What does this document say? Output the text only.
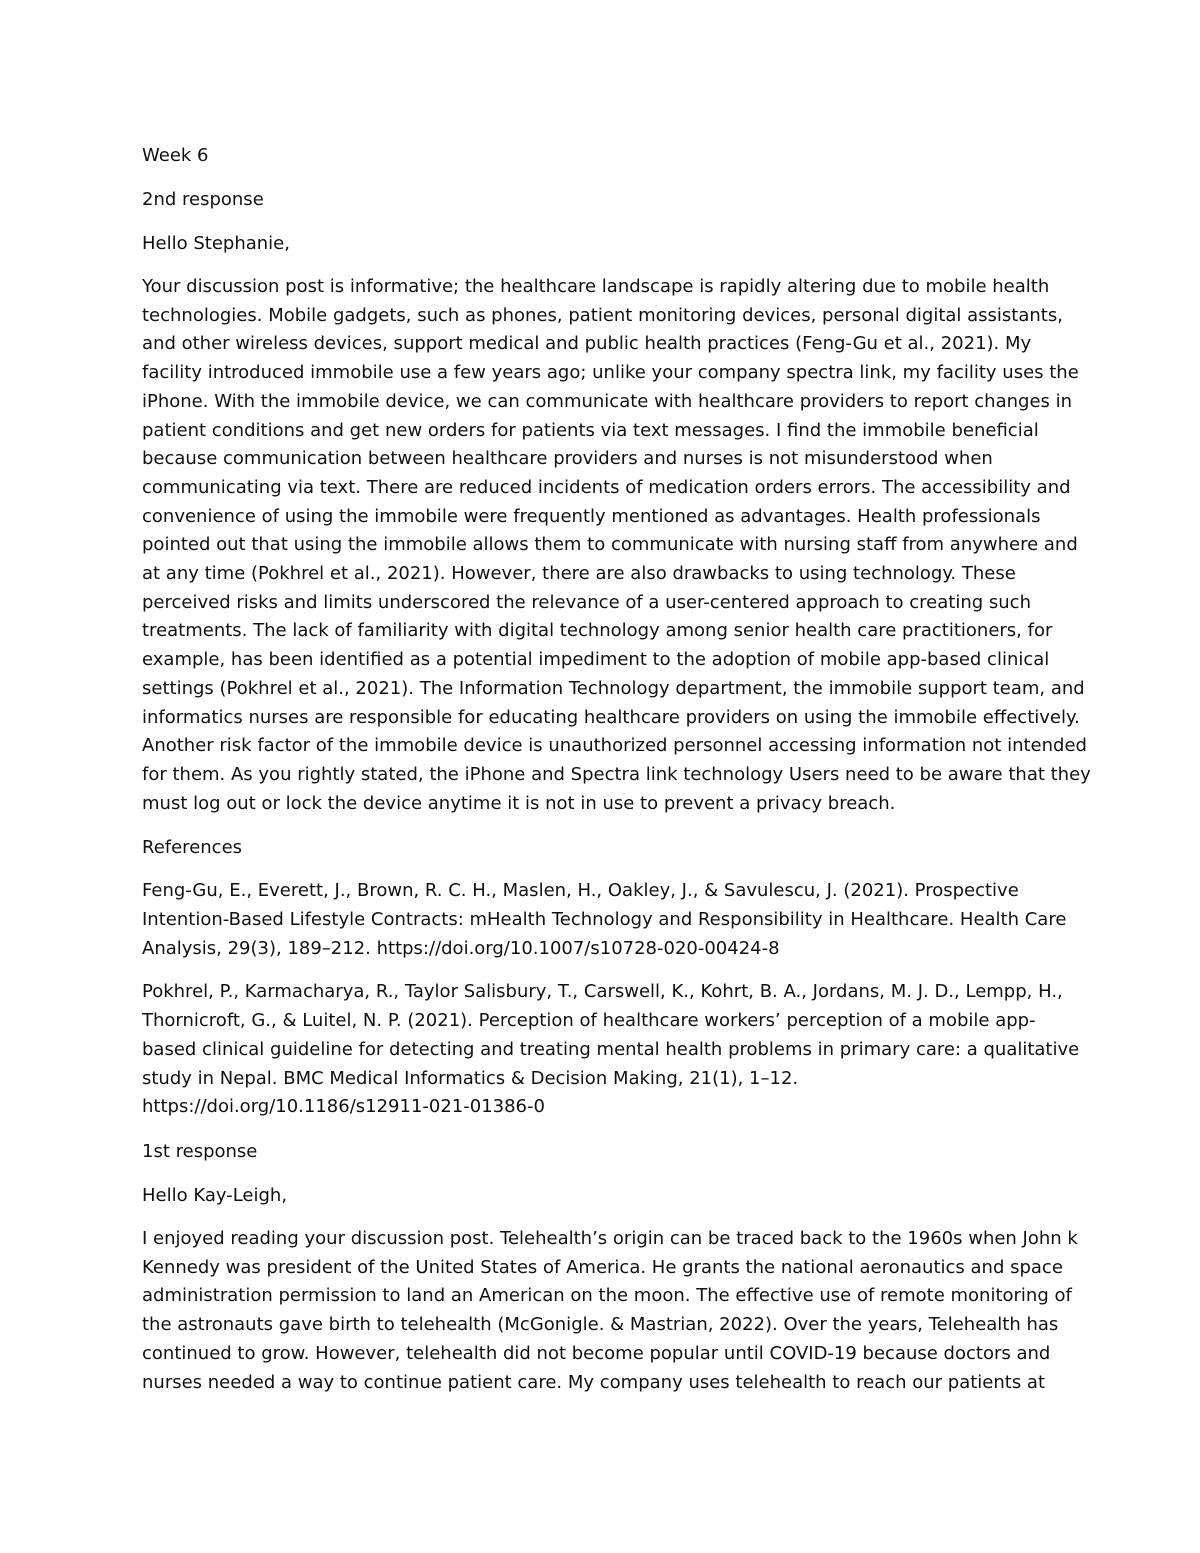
Week 6

2nd response

Hello Stephanie,

Your discussion post is informative; the healthcare landscape is rapidly altering due to mobile health
technologies. Mobile gadgets, such as phones, patient monitoring devices, personal digital assistants,
and other wireless devices, support medical and public health practices (Feng-Gu et al., 2021). My
facility introduced immobile use a few years ago; unlike your company spectra link, my facility uses the
iPhone. With the immobile device, we can communicate with healthcare providers to report changes in
patient conditions and get new orders for patients via text messages. I find the immobile beneficial
because communication between healthcare providers and nurses is not misunderstood when
communicating via text. There are reduced incidents of medication orders errors. The accessibility and
convenience of using the immobile were frequently mentioned as advantages. Health professionals
pointed out that using the immobile allows them to communicate with nursing staff from anywhere and
at any time (Pokhrel et al., 2021). However, there are also drawbacks to using technology. These
perceived risks and limits underscored the relevance of a user-centered approach to creating such
treatments. The lack of familiarity with digital technology among senior health care practitioners, for
example, has been identified as a potential impediment to the adoption of mobile app-based clinical
settings (Pokhrel et al., 2021). The Information Technology department, the immobile support team, and
informatics nurses are responsible for educating healthcare providers on using the immobile effectively.
Another risk factor of the immobile device is unauthorized personnel accessing information not intended
for them. As you rightly stated, the iPhone and Spectra link technology Users need to be aware that they
must log out or lock the device anytime it is not in use to prevent a privacy breach.

References

Feng-Gu, E., Everett, J., Brown, R. C. H., Maslen, H., Oakley, J., & Savulescu, J. (2021). Prospective
Intention-Based Lifestyle Contracts: mHealth Technology and Responsibility in Healthcare. Health Care
Analysis, 29(3), 189–212. https://doi.org/10.1007/s10728-020-00424-8
Pokhrel, P., Karmacharya, R., Taylor Salisbury, T., Carswell, K., Kohrt, B. A., Jordans, M. J. D., Lempp, H.,
Thornicroft, G., & Luitel, N. P. (2021). Perception of healthcare workers’ perception of a mobile app-
based clinical guideline for detecting and treating mental health problems in primary care: a qualitative
study in Nepal. BMC Medical Informatics & Decision Making, 21(1), 1–12.
https://doi.org/10.1186/s12911-021-01386-0

1st response

Hello Kay-Leigh,

I enjoyed reading your discussion post. Telehealth’s origin can be traced back to the 1960s when John k
Kennedy was president of the United States of America. He grants the national aeronautics and space
administration permission to land an American on the moon. The effective use of remote monitoring of
the astronauts gave birth to telehealth (McGonigle. & Mastrian, 2022). Over the years, Telehealth has
continued to grow. However, telehealth did not become popular until COVID-19 because doctors and
nurses needed a way to continue patient care. My company uses telehealth to reach our patients at
